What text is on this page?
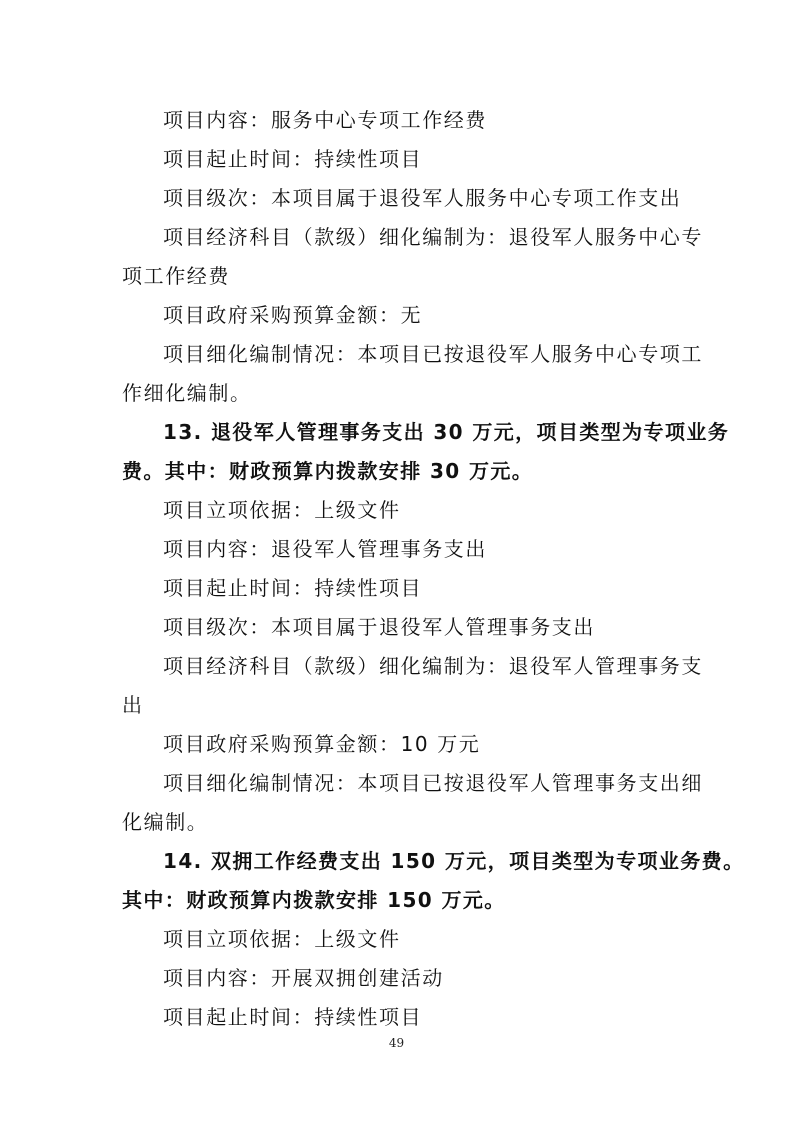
项目内容：服务中心专项工作经费
项目起止时间：持续性项目
项目级次：本项目属于退役军人服务中心专项工作支出
项目经济科目（款级）细化编制为：退役军人服务中心专
项工作经费
项目政府采购预算金额：无
项目细化编制情况：本项目已按退役军人服务中心专项工
作细化编制。
13. 退役军人管理事务支出 30 万元，项目类型为专项业务
费。其中：财政预算内拨款安排 30 万元。
项目立项依据：上级文件
项目内容：退役军人管理事务支出
项目起止时间：持续性项目
项目级次：本项目属于退役军人管理事务支出
项目经济科目（款级）细化编制为：退役军人管理事务支
出
项目政府采购预算金额：10 万元
项目细化编制情况：本项目已按退役军人管理事务支出细
化编制。
14. 双拥工作经费支出 150 万元，项目类型为专项业务费。
其中：财政预算内拨款安排 150 万元。
项目立项依据：上级文件
项目内容：开展双拥创建活动
项目起止时间：持续性项目
49
